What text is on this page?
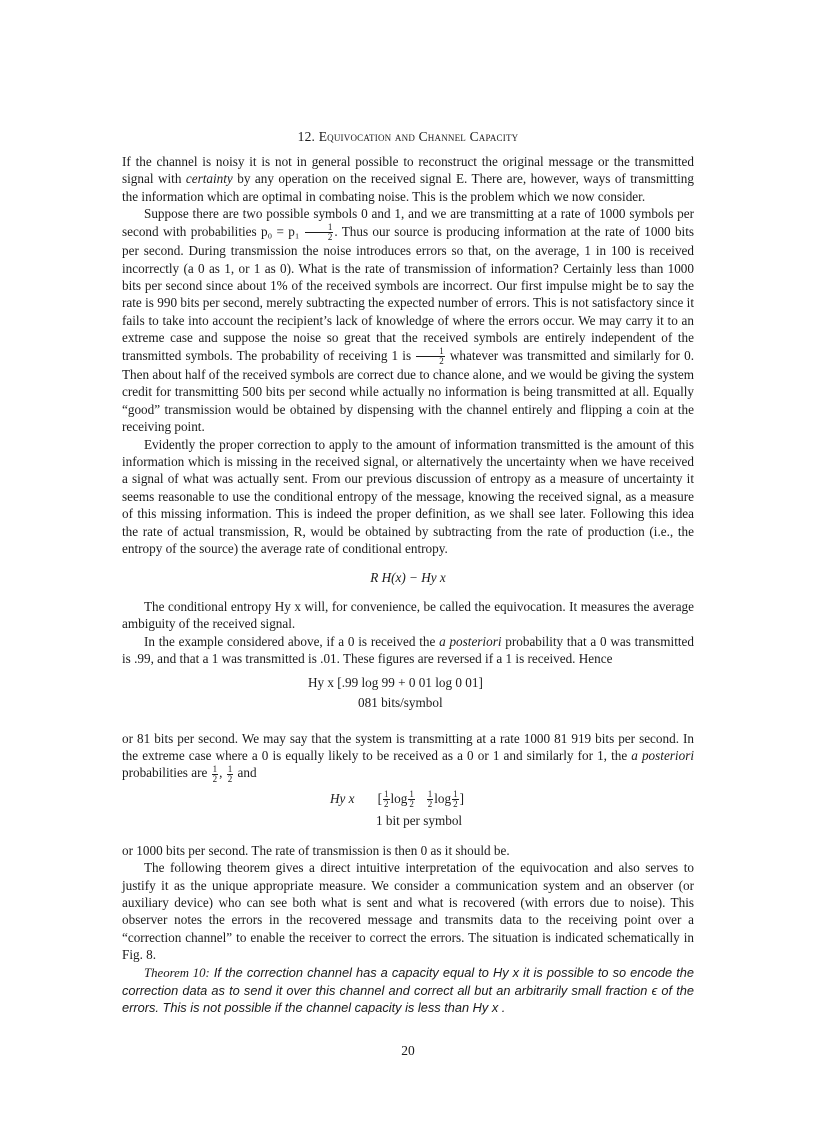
12. Equivocation and Channel Capacity

If the channel is noisy it is not in general possible to reconstruct the original message or the transmitted signal with certainty by any operation on the received signal E. There are, however, ways of transmitting the information which are optimal in combating noise. This is the problem which we now consider.

Suppose there are two possible symbols 0 and 1, and we are transmitting at a rate of 1000 symbols per second with probabilities $p_0 = p_1 \frac{1}{2}$ . Thus our source is producing information at the rate of 1000 bits per second. During transmission the noise introduces errors so that, on the average, 1 in 100 is received incorrectly (a 0 as 1, or 1 as 0). What is the rate of transmission of information? Certainly less than 1000 bits per second since about 1% of the received symbols are incorrect. Our first impulse might be to say the rate is 990 bits per second, merely subtracting the expected number of errors. This is not satisfactory since it fails to take into account the recipient’s lack of knowledge of where the errors occur. We may carry it to an extreme case and suppose the noise so great that the received symbols are entirely independent of the transmitted symbols. The probability of receiving 1 is $\frac{1}{2}$ whatever was transmitted and similarly for 0. Then about half of the received symbols are correct due to chance alone, and we would be giving the system credit for transmitting 500 bits per second while actually no information is being transmitted at all. Equally “good” transmission would be obtained by dispensing with the channel entirely and flipping a coin at the receiving point.

Evidently the proper correction to apply to the amount of information transmitted is the amount of this information which is missing in the received signal, or alternatively the uncertainty when we have received a signal of what was actually sent. From our previous discussion of entropy as a measure of uncertainty it seems reasonable to use the conditional entropy of the message, knowing the received signal, as a measure of this missing information. This is indeed the proper definition, as we shall see later. Following this idea the rate of actual transmission, R, would be obtained by subtracting from the rate of production (i.e., the entropy of the source) the average rate of conditional entropy.

R H(x) − Hy x

The conditional entropy Hy x will, for convenience, be called the equivocation. It measures the average ambiguity of the received signal.

In the example considered above, if a 0 is received the a posteriori probability that a 0 was transmitted is .99, and that a 1 was transmitted is .01. These figures are reversed if a 1 is received. Hence

Hy x [.99 log 99 + 0 01 log 0 01]
081 bits/symbol

or 81 bits per second. We may say that the system is transmitting at a rate 1000 81 919 bits per second. In the extreme case where a 0 is equally likely to be received as a 0 or 1 and similarly for 1, the a posteriori probabilities are $\frac{1}{2}$ , $\frac{1}{2}$ and

Hy x       [ $\frac{1}{2}$ $\log \frac{1}{2}$
$\frac{1}{2}$ $\log \frac{1}{2}$ ]
1 bit per symbol

or 1000 bits per second. The rate of transmission is then 0 as it should be.

The following theorem gives a direct intuitive interpretation of the equivocation and also serves to justify it as the unique appropriate measure. We consider a communication system and an observer (or auxiliary device) who can see both what is sent and what is recovered (with errors due to noise). This observer notes the errors in the recovered message and transmits data to the receiving point over a “correction channel” to enable the receiver to correct the errors. The situation is indicated schematically in Fig. 8.

Theorem 10: If the correction channel has a capacity equal to Hy x it is possible to so encode the correction data as to send it over this channel and correct all but an arbitrarily small fraction ϵ of the errors. This is not possible if the channel capacity is less than Hy x .

20
